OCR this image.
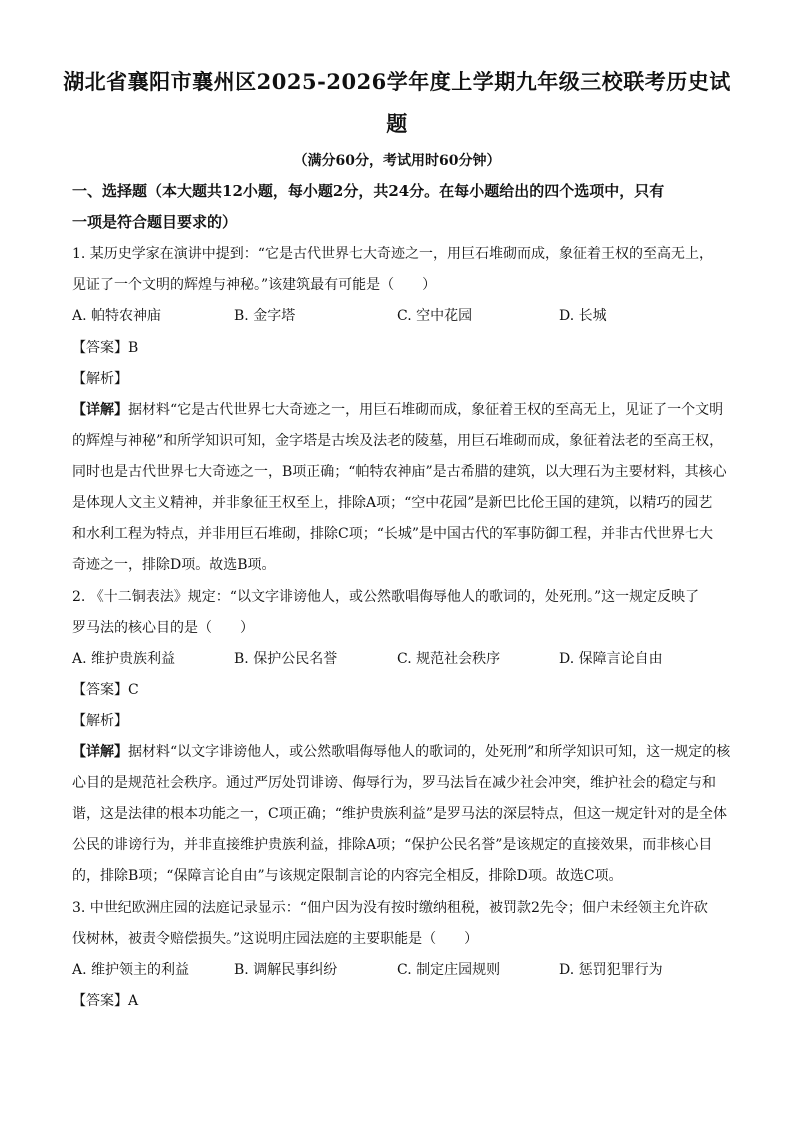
湖北省襄阳市襄州区2025-2026学年度上学期九年级三校联考历史试
题
（满分60分，考试用时60分钟）
一、选择题（本大题共12小题，每小题2分，共24分。在每小题给出的四个选项中，只有
一项是符合题目要求的）
1. 某历史学家在演讲中提到：“它是古代世界七大奇迹之一，用巨石堆砌而成，象征着王权的至高无上，
见证了一个文明的辉煌与神秘。”该建筑最有可能是（　　）
A. 帕特农神庙	B. 金字塔	C. 空中花园	D. 长城
【答案】B
【解析】
【详解】据材料“它是古代世界七大奇迹之一，用巨石堆砌而成，象征着王权的至高无上，见证了一个文明
的辉煌与神秘”和所学知识可知，金字塔是古埃及法老的陵墓，用巨石堆砌而成，象征着法老的至高王权，
同时也是古代世界七大奇迹之一，B项正确；“帕特农神庙”是古希腊的建筑，以大理石为主要材料，其核心
是体现人文主义精神，并非象征王权至上，排除A项；“空中花园”是新巴比伦王国的建筑，以精巧的园艺
和水利工程为特点，并非用巨石堆砌，排除C项；“长城”是中国古代的军事防御工程，并非古代世界七大
奇迹之一，排除D项。故选B项。
2. 《十二铜表法》规定：“以文字诽谤他人，或公然歌唱侮辱他人的歌词的，处死刑。”这一规定反映了
罗马法的核心目的是（　　）
A. 维护贵族利益	B. 保护公民名誉	C. 规范社会秩序	D. 保障言论自由
【答案】C
【解析】
【详解】据材料“以文字诽谤他人，或公然歌唱侮辱他人的歌词的，处死刑”和所学知识可知，这一规定的核
心目的是规范社会秩序。通过严厉处罚诽谤、侮辱行为，罗马法旨在减少社会冲突，维护社会的稳定与和
谐，这是法律的根本功能之一，C项正确；“维护贵族利益”是罗马法的深层特点，但这一规定针对的是全体
公民的诽谤行为，并非直接维护贵族利益，排除A项；“保护公民名誉”是该规定的直接效果，而非核心目
的，排除B项；“保障言论自由”与该规定限制言论的内容完全相反，排除D项。故选C项。
3. 中世纪欧洲庄园的法庭记录显示：“佃户因为没有按时缴纳租税，被罚款2先令；佃户未经领主允许砍
伐树林，被责令赔偿损失。”这说明庄园法庭的主要职能是（　　）
A. 维护领主的利益	B. 调解民事纠纷	C. 制定庄园规则	D. 惩罚犯罪行为
【答案】A
